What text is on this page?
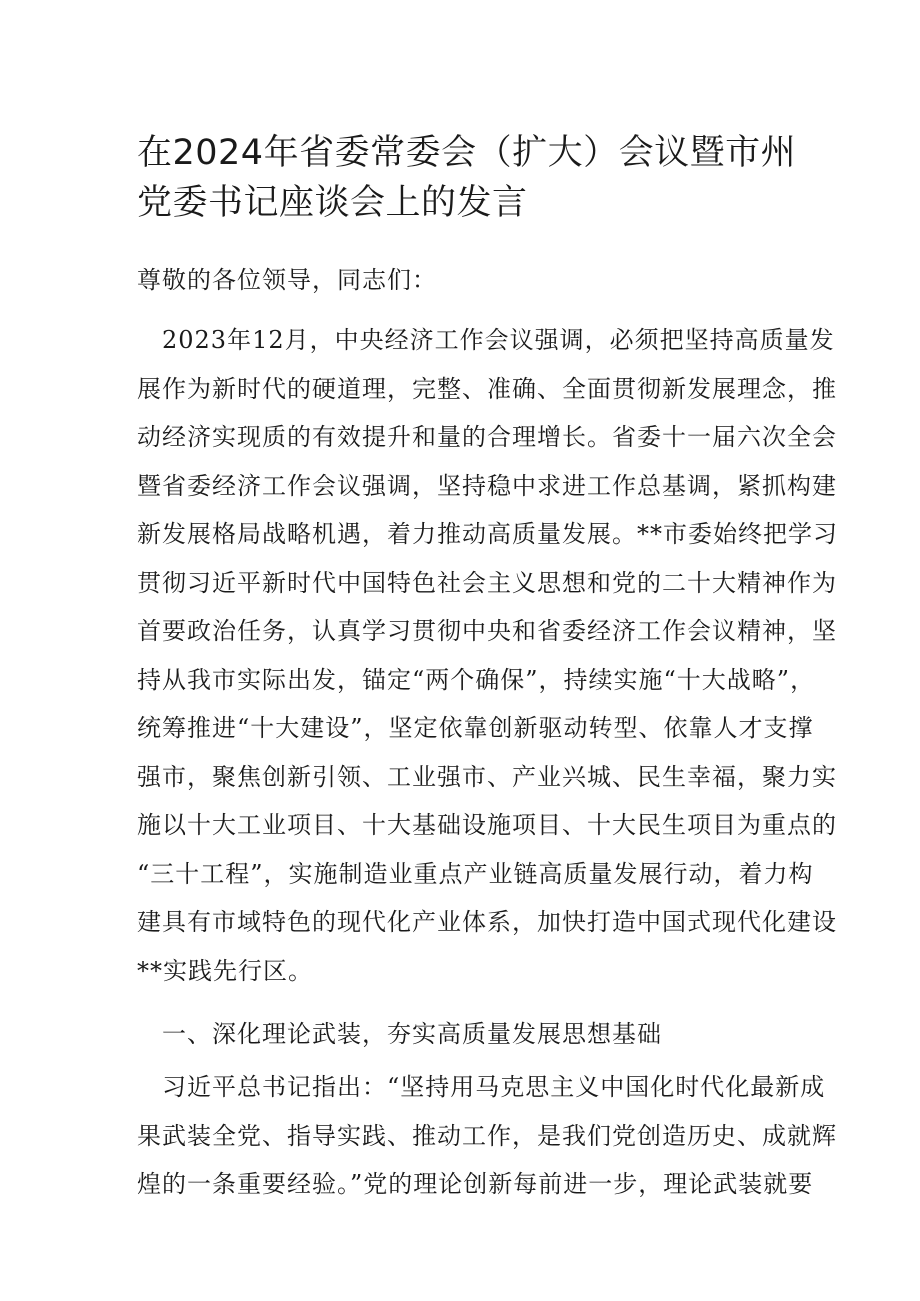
在2024年省委常委会（扩大）会议暨市州
党委书记座谈会上的发言

尊敬的各位领导，同志们：

　2023年12月，中央经济工作会议强调，必须把坚持高质量发
展作为新时代的硬道理，完整、准确、全面贯彻新发展理念，推
动经济实现质的有效提升和量的合理增长。省委十一届六次全会
暨省委经济工作会议强调，坚持稳中求进工作总基调，紧抓构建
新发展格局战略机遇，着力推动高质量发展。**市委始终把学习
贯彻习近平新时代中国特色社会主义思想和党的二十大精神作为
首要政治任务，认真学习贯彻中央和省委经济工作会议精神，坚
持从我市实际出发，锚定“两个确保”，持续实施“十大战略”，
统筹推进“十大建设”，坚定依靠创新驱动转型、依靠人才支撑
强市，聚焦创新引领、工业强市、产业兴城、民生幸福，聚力实
施以十大工业项目、十大基础设施项目、十大民生项目为重点的
“三十工程”，实施制造业重点产业链高质量发展行动，着力构
建具有市域特色的现代化产业体系，加快打造中国式现代化建设
**实践先行区。

　一、深化理论武装，夯实高质量发展思想基础

　习近平总书记指出：“坚持用马克思主义中国化时代化最新成
果武装全党、指导实践、推动工作，是我们党创造历史、成就辉
煌的一条重要经验。”党的理论创新每前进一步，理论武装就要
